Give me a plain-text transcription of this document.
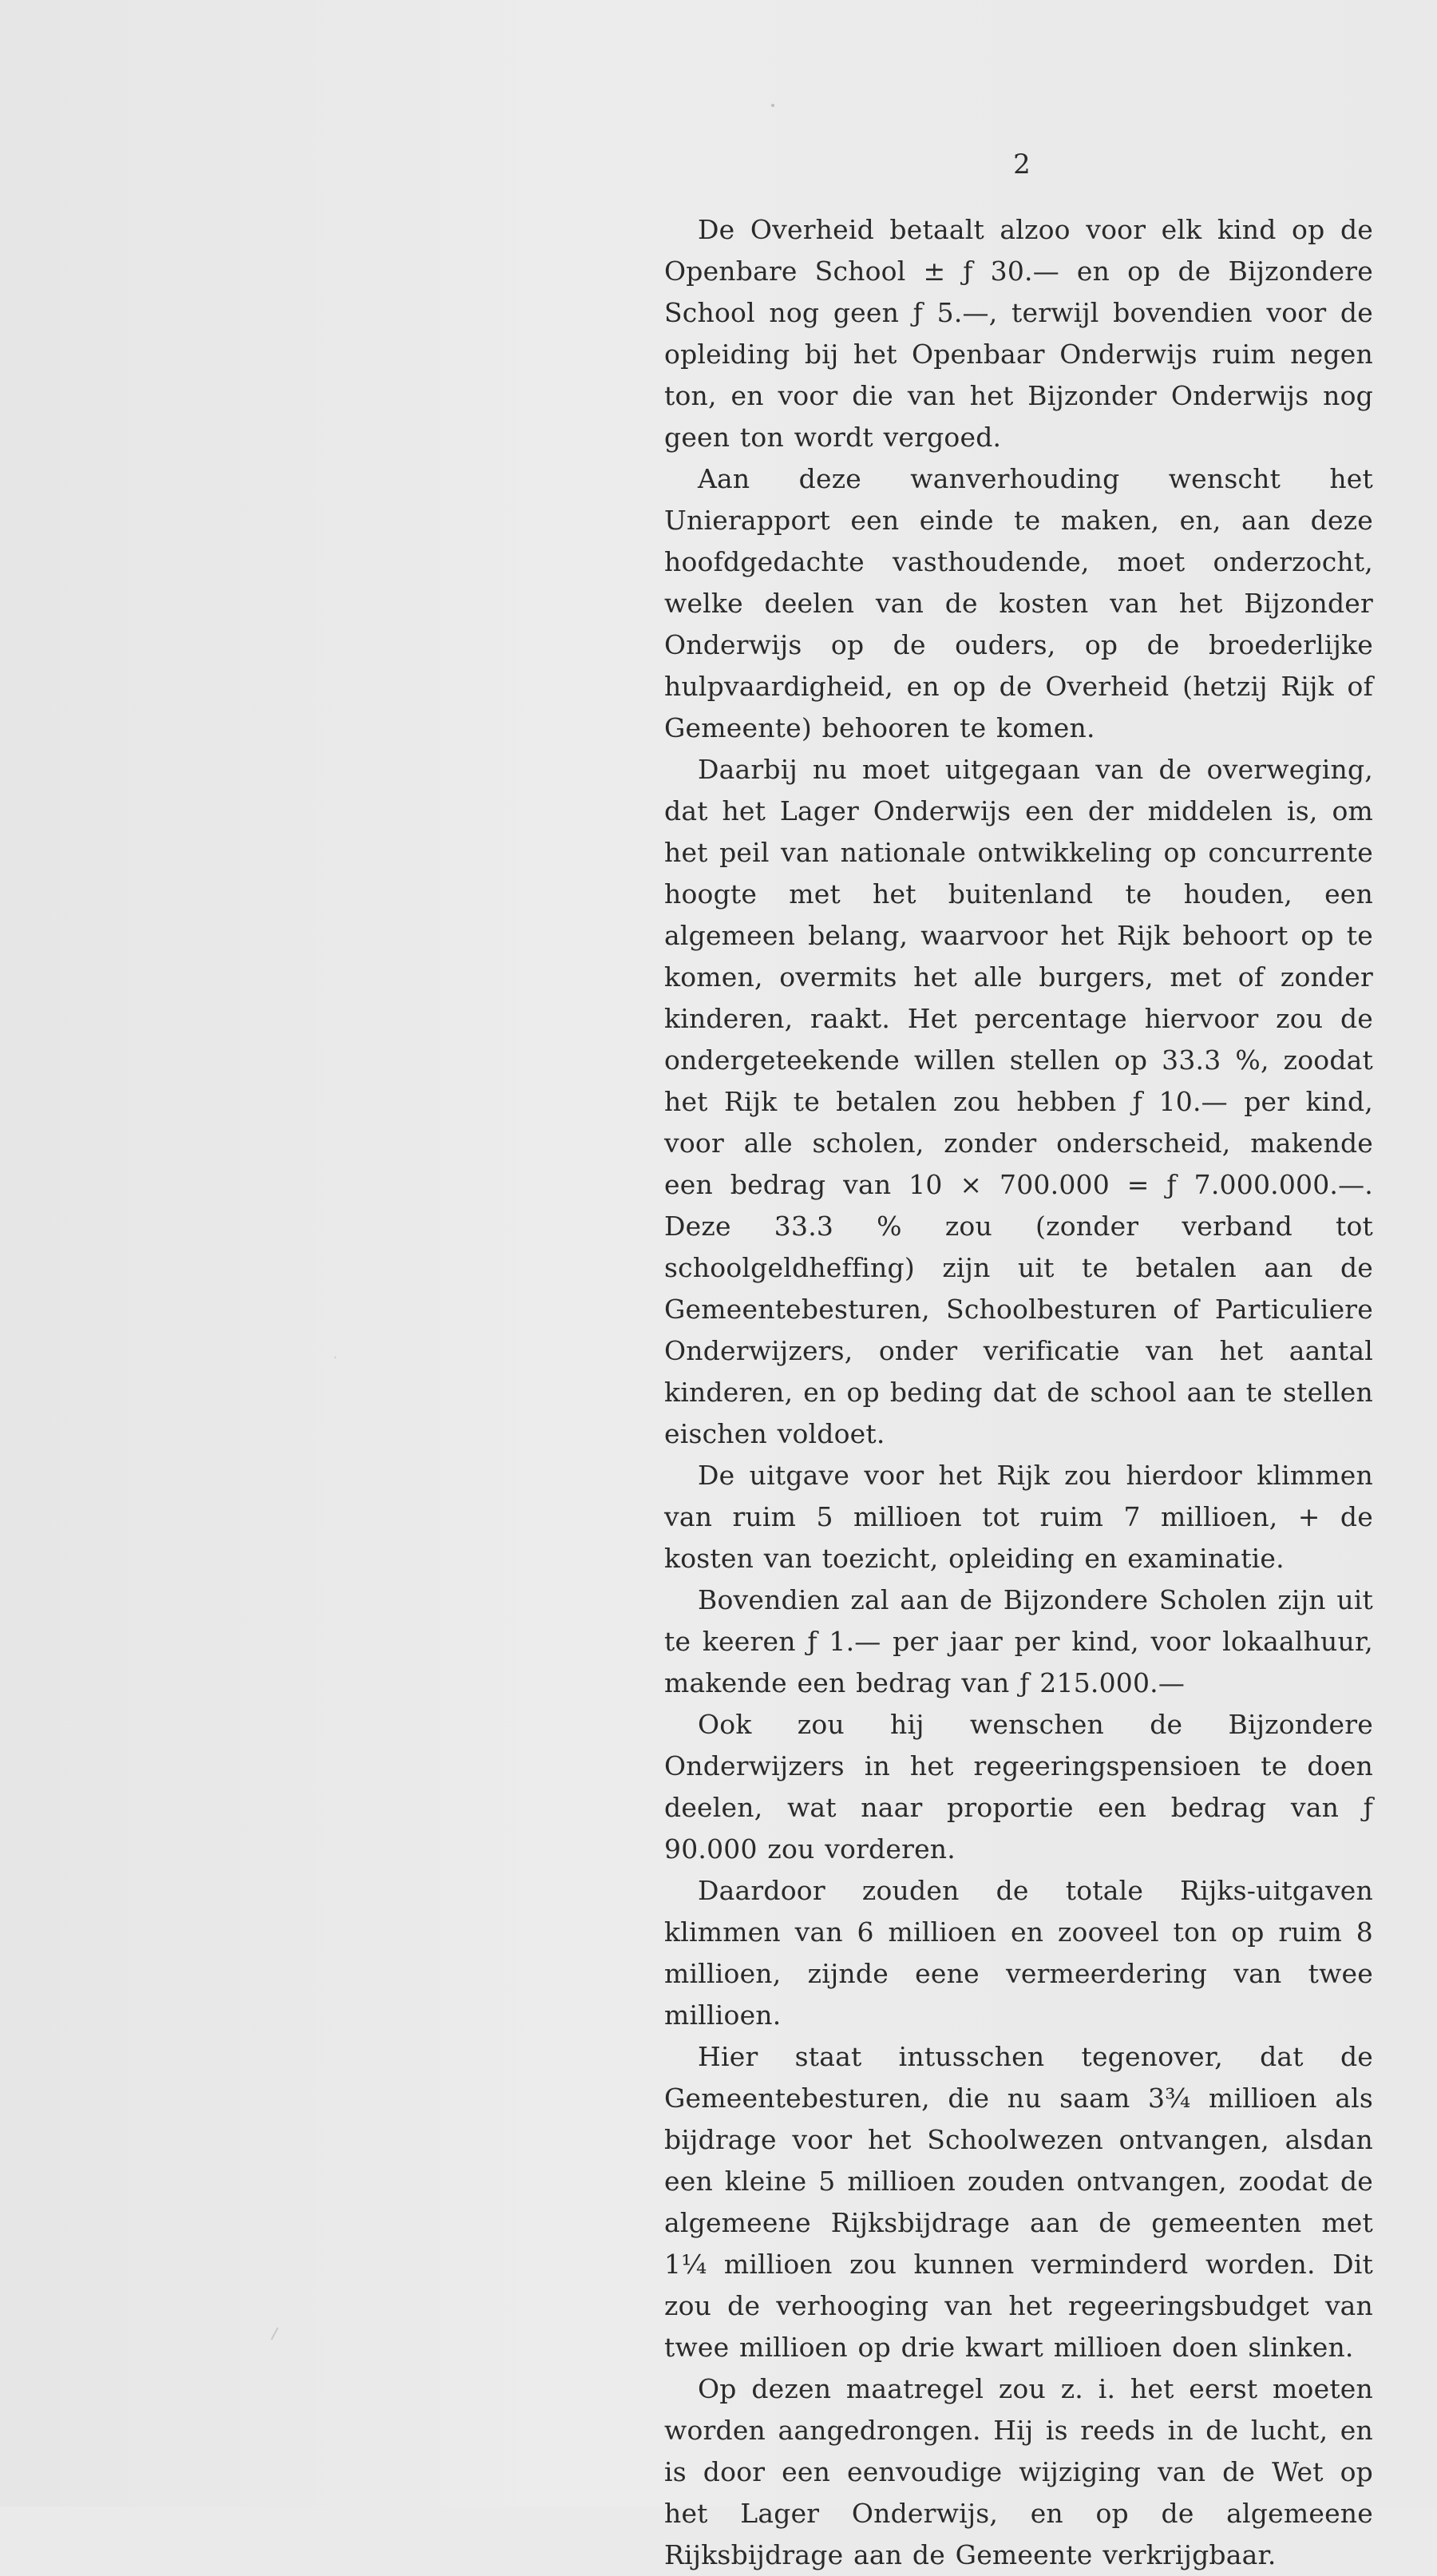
2

De Overheid betaalt alzoo voor elk kind op de Openbare School ± ƒ 30.— en op de Bijzondere School nog geen ƒ 5.—, terwijl bovendien voor de opleiding bij het Openbaar Onderwijs ruim negen ton, en voor die van het Bijzonder Onderwijs nog geen ton wordt vergoed.

Aan deze wanverhouding wenscht het Unierapport een einde te maken, en, aan deze hoofdgedachte vasthoudende, moet onderzocht, welke deelen van de kosten van het Bijzonder Onderwijs op de ouders, op de broederlijke hulpvaardigheid, en op de Overheid (hetzij Rijk of Gemeente) behooren te komen.

Daarbij nu moet uitgegaan van de overweging, dat het Lager Onderwijs een der middelen is, om het peil van nationale ontwikkeling op concurrente hoogte met het buitenland te houden, een algemeen belang, waarvoor het Rijk behoort op te komen, overmits het alle burgers, met of zonder kinderen, raakt. Het percentage hiervoor zou de ondergeteekende willen stellen op 33.3 %, zoodat het Rijk te betalen zou hebben ƒ 10.— per kind, voor alle scholen, zonder onderscheid, makende een bedrag van 10 × 700.000 = ƒ 7.000.000.—. Deze 33.3 % zou (zonder verband tot schoolgeldheffing) zijn uit te betalen aan de Gemeentebesturen, Schoolbesturen of Particuliere Onderwijzers, onder verificatie van het aantal kinderen, en op beding dat de school aan te stellen eischen voldoet.

De uitgave voor het Rijk zou hierdoor klimmen van ruim 5 millioen tot ruim 7 millioen, + de kosten van toezicht, opleiding en examinatie.

Bovendien zal aan de Bijzondere Scholen zijn uit te keeren ƒ 1.— per jaar per kind, voor lokaalhuur, makende een bedrag van ƒ 215.000.—

Ook zou hij wenschen de Bijzondere Onderwijzers in het regeeringspensioen te doen deelen, wat naar proportie een bedrag van ƒ 90.000 zou vorderen.

Daardoor zouden de totale Rijks-uitgaven klimmen van 6 millioen en zooveel ton op ruim 8 millioen, zijnde eene vermeerdering van twee millioen.

Hier staat intusschen tegenover, dat de Gemeentebesturen, die nu saam 3¾ millioen als bijdrage voor het Schoolwezen ontvangen, alsdan een kleine 5 millioen zouden ontvangen, zoodat de algemeene Rijksbijdrage aan de gemeenten met 1¼ millioen zou kunnen verminderd worden. Dit zou de verhooging van het regeeringsbudget van twee millioen op drie kwart millioen doen slinken.

Op dezen maatregel zou z. i. het eerst moeten worden aangedrongen. Hij is reeds in de lucht, en is door een eenvoudige wijziging van de Wet op het Lager Onderwijs, en op de algemeene Rijksbijdrage aan de Gemeente verkrijgbaar.
